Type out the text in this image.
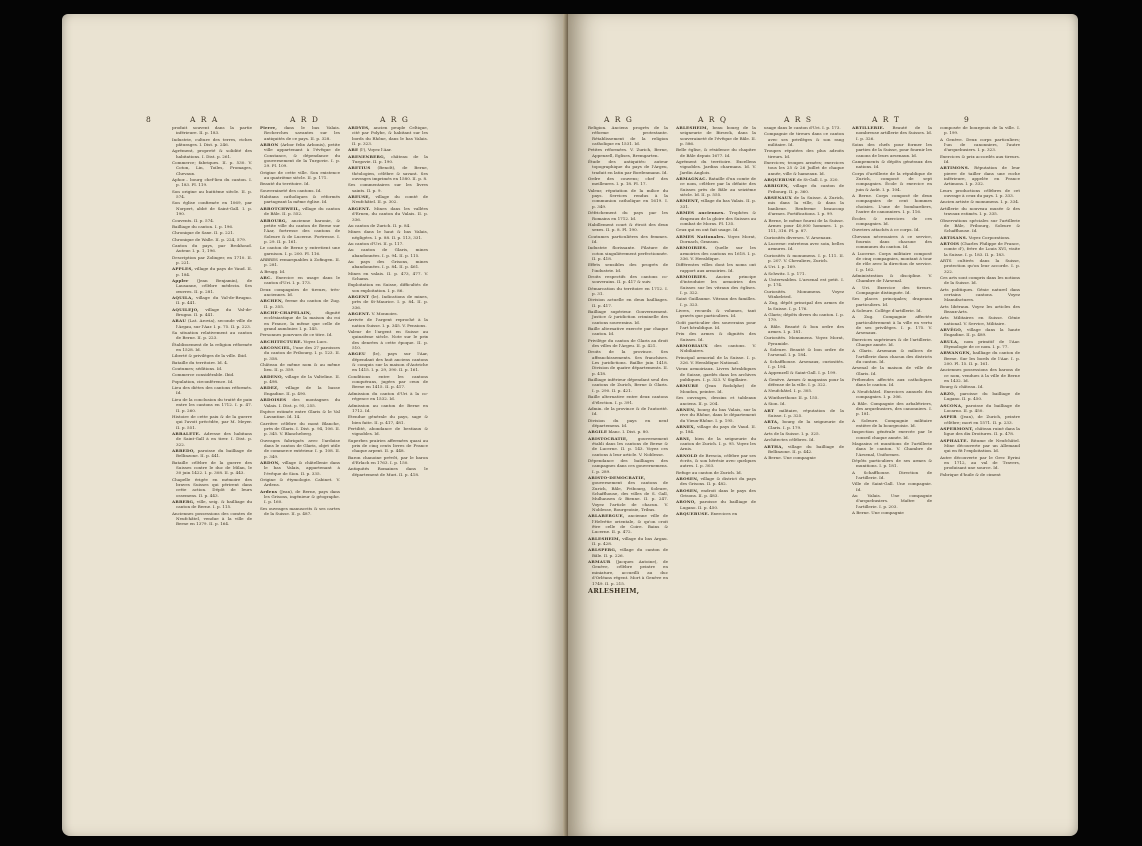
8	A R A	A R D	A R G
produit souvent dans la partie inférieure. II. p. 183.
Industrie, culture des terres, riches pâturages. I. Dist. p. 246.
Agrément, propreté & solidité des habitations. I. Dist. p. 261.
Commerce; fabriques. II. p. 530. V. Coton, Lin, Toiles, Fromages, Chevaux.
Aphor... bourg chef-lieu du canton. I. p. 183. Pl. 119.
Son origine au huitième siècle. II. p. 574.
Son église confirmée en 1069, par Norpert, abbé de Saint-Gall. I. p. 190.
Couvents. II. p. 574.
Bailliage du canton. I. p. 196.
Chronique de Saxe. II. p. 221.
Chronique de Walle. II. p. 224, 579.
Canton du pays, par Brokhoud. Auteur. I. p. 1, 196.
Description par Zolinger, en 1710. II. p. 221.
APPLES, village du pays de Vaud. II. p. 184.
Appler (Jean Benjamin), de Lausanne, célèbre médecin. Ses œuvres. II. p. 281.
AQUILA, village du Val-de-Brugno. II. p. 441.
AQUILEJO, village du Val-de-Brugno. II. p. 441.
ARAU (Lat. Arovia), seconde ville de l'Argau, sur l'Aar. I. p. 75. II. p. 223.
Sa situation relativement au canton de Berne. II. p. 223.
Établissement de la religion réformée en 1528. Id.
Liberté & privilèges de la ville. Ibid.
Bataille du territoire. Id. 4.
Coutumes; séditions. Id.
Commerce considérable. Ibid.
Population, circonférence. Id.
Lieu des diètes des cantons réformés. Id.
Lieu de la conclusion du traité de paix entre les cantons en 1712. I. p. 47. II. p. 260.
Histoire de cette paix & de la guerre qui l'avoit précédée, par M. Meyer. II. p. 551.
ARBALETE. Adresse des habitans de Saint-Gall à en tirer. I. Dist. p. 322.
ARBEDO, paroisse du bailliage de Bellinzone. II. p. 441.
Bataille célèbre de la guerre des Suisses contre le duc de Milan, le 30 juin 1422. I. p. 308. II. p. 443.
Chapelle érigée en mémoire des braves Suisses qui périrent dans cette action. Dépôt de leurs ossemens. II. p. 443.
ARBERG, ville, seig. & bailliage du canton de Berne. I. p. 115.
Anciennes possessions des comtes de Neufchâtel, vendue à la ville de Berne en 1379. II. p. 164.
Pierre, dans le bas Valais. Recherches savantes sur les antiquités de ce pays. II. p. 328.
ARBON (Arbor felix Arbonis), petite ville appartenant à l'évêque de Constance, & dépendance du gouvernement de la Turgovie. I. p. 29. Pl. 109.
Origine de cette ville. Son existence au quatrième siècle. II. p. 171.
Beauté du territoire. Id.
Souveraineté des cantons. Id.
Habitans catholiques & réformés partageant la même église. Id.
ARBOTCHWEIL, village du canton de Bâle. II. p. 552.
ARBOURG, ancienne baronie, & petite ville du canton de Berne sur l'Aar, fortresse des cantons de Soleure & de Lucerne. Fortresse. I. p. 29. II. p. 161.
Le canton de Berne y entretient une garnison. I. p. 200. Pl. 116.
ARBRES remarquables à Zofingen. II. p. 281.
A Brugg. Id.
ARC. Exercice en usage dans le canton d'Uri. I. p. 173.
Deux compagnies de tireurs, très-anciennes. Id.
ARCHEN, ferme du canton de Zug. II. p. 355.
ARCHE-CHAPELAIN, dignité ecclésiastique de la maison du roi en France, la même que celle de grand aumônier. I. p. 145.
Personnes pourvues de ce titre. Id.
ARCHITECTURE. Voyez Lucs.
ARCONCIEL, l'une des 27 paroisses du canton de Fribourg. I. p. 123. II. p. 358.
Château de même nom & au même lieu. II. p. 359.
ARDENO, village de la Valteline. II. p. 498.
ARDEZ, village de la basse Engadine. II. p. 490.
ARDOISES des montagnes du Valais. I. Dist. p. 95, 255.
Espèce estimée entre Glaris & le Val Lavantine. Id. 14.
Carrière célèbre du mont Blanche, près de Glaris. I. Dist. p. 94, 106. II. p. 345. V. Blancheberg.
Ouvrages fabriqués avec l'ardoise dans le canton de Glaris, objet utile de commerce extérieur. I. p. 108. II. p. 349.
ARDON, village & châtellenie dans le bas Valais, appartenant à l'évêque de Sion. II. p. 335.
Origine & étymologie. Cabinet. V. Ardens.
Ardens (Jean), de Berne, pays dans les Grisons, ingénieur & géographe. I. p. 160.
Ses ouvrages manuscrits & ses cartes de la Suisse. II. p. 487.
ARDYES, ancien peuple Celtique, cité par Polybe, & habitant sur les bords du Rhône, dans le bas Valais. II. p. 323.
ARE (l'), Voyez l'Aar.
ARENENBERG, château de la Turgovie. II. p. 190.
ARETIUS (Benoît), de Berne, théologien, célèbre & savant. Ses ouvrages imprimés en 1580. II. p. 8.
Ses commentaires sur les livres saints. II. p. 9.
AREUSE, village du comté de Neufchâtel. II. p. 302.
ARGENT. Mines dans les vallées d'Ernen, du canton du Valais. II. p. 336.
Au canton de Zurich. II. p. 84.
Mines dans le haut & bas Valais, négligées. I. p. 88. II. p. 113, 331.
Au canton d'Uri. II. p. 117.
Au canton de Glaris, mines abandonnées. I. p. 94. II. p. 115.
Au pays des Grisons, mines abandonnées. I. p. 84. II. p. 461.
Mines en valais. II. p. 473, 477. V. Schams.
Exploitation en Suisse, difficultés de son exploitation. I. p. 86.
ARGENT (le). Indications de mines, près de St-Maurice. I. p. 84. II. p. 336.
ARGENT. V. Monnoies.
Arrivée de l'argent reproché à la nation Suisse. I. p. 345. V. Pensions.
Valeur de l'argent en Suisse au quinzième siècle. Note sur le prix des denrées à cette époque. II. p. 510.
ARGEU (le), pays sur l'Aar, dépendant des huit anciens cantons & conquis sur la maison d'Autriche en 1415. I. p. 29, 390. II. p. 161.
Conditions entre les cantons conquérans, jugées par ceux de Berne en 1415. II. p. 417.
Admission du canton d'Uri à la co-régence en 1532. Id.
Admission au canton de Berne en 1712. Id.
Etendue générale du pays, sage & bien faite. II. p. 417, 481.
Fertilité, abondance de bestiaux & vignobles. Id.
Superbes prairies affermées quasi au prix de cinq cents livres de France chaque arpent. II. p. 448.
Baron chanoine prévôt, par le baron d'Erlach en 1763. I. p. 150.
Antiquités Romaines dans le département de Muri. II. p. 418.
A R G	A R Q	A R S	A R T	9
Religion. Anciens progrès de la réforme protestante. Rétablissement de la religion catholique en 1531. Id.
Petites réformées. V. Zurich, Berne, Appenzell, Eglises, Bremgarten.
Étude des antiquités: auteur topographique du pays de l'Argeu, traduit en latin par Bordenmann. Id.
Ordre des couvens; chef des meilleures. I. p. 18. Pl. 17.
Valeur, réputation de la milice du pays. Services rendus à la communion catholique en 1619. I. p. 349.
Défrichement du pays par les Romains en 1712. Id.
Habillement court & étroit des deux sexes. II. p. 8. Pl. 190.
Coutumes particulières des femmes. Id.
Industrie florissante. Filature de coton singulièrement perfectionnée. II. p. 418.
Effets sensibles des progrès de l'industrie. Id.
Droits respectifs des cantons co-souverains. II. p. 417 & suiv.
Démarcation du territoire en 1712. I. p. 31.
Division actuelle en deux bailliages. II. p. 417.
Bailliage supérieur. Gouvernement. Justice & juridiction criminelle des cantons souverains. Id.
Baille alternative exercée par chaque canton. Id.
Privilège du canton de Glaris au droit des villes de l'Argeu. II. p. 421.
Droits de la province. Ses affranchissements. Ses franchises. Les juridictions. Baillie juin 1418. Division de quatre départements. II. p. 418.
Bailliage inférieur dépendant seul des cantons de Zurich, Berne & Glaris. I. p. 290. II. p. 421.
Baille alternative entre deux cantons d'élection. I. p. 391.
Admin. de la province & de l'autorité. Id.
Division du pays en neuf départemens. Id.
ARGILE blanc. I. Dist. p. 80.
ARISTOCRATIE, gouvernement établi dans les cantons de Berne & de Lucerne. II. p. 143. Voyez ces cantons à leur article. V. Noblesse.
Dépendance des bailliages des campagnes dans ces gouvernemens. I. p. 289.
ARISTO-DEMOCRATIE, gouvernement des cantons de Zurich, Bâle, Fribourg, Soleure, Schaffhouse, des villes de S. Gall, Mulhausen & Bienne. II. p. 247. Voyez l'article de chacun. V. Noblesse, Bourgeoisie, Tribus.
ARLABERGUE, ancienne ville de l'Helvétie orientale, & qu'on croit être celle de Coire. Bains & Lucerne. II. p. 472.
ARLESHEIM, village du bas Argau. II. p. 428.
ARLSPERG, village du canton de Bâle. II. p. 226.
ARMAUR (Jacques Antoine), de Genève, célèbre peintre en miniature, accueilli au duc d'Orléans régent. Mort à Genève en 1749. II. p. 215.
ARLESHEIM,
ARLESHEIM, beau bourg de la seigneurie de Birseck, dans la souveraineté de l'évêque de Bâle. II. p. 586.
Belle église, & résidence du chapitre de Bâle depuis 1677. Id.
Agrément du territoire. Excellens vignobles. Jardins charmans. Id. V. Jardin Anglois.
ARMAGNAC. Bataille d'un comte de ce nom, célèbre par la défaite des Suisses près de Bâle au seizième siècle. Id. II. p. 555.
ARMENT, village du bas Valais. II. p. 331.
ARMES anciennes. Trophées & drapeaux de la gloire des Suisses au combat de Moras. Pl. 135.
Ceux qui en ont fait usage. Id.
ARMES Nationales. Voyez Morat, Dornach, Granson.
ARMOIRIES. Quelle sur les armoiries des cantons en 1618. I. p. 336. V. Heraldique.
Différentes villes dont les noms ont rapport aux armoiries. Id.
ARMOIRIES. Ancien principe d'introduire les armoiries des Suisses sur les vitraux des églises. I. p. 322.
Saint Guillaume. Vitraux des familles. I. p. 323.
Livres, recueils & volumes, tant gravés que particuliers. Id.
Goût particulier des souverains pour l'art héraldique. Id.
Prix des armes & dignités des Suisses. Id.
ARMORIAUX des cantons. V. Nobiliaires.
Principal armorial de la Suisse. I. p. 326. V. Heraldique National.
Vieux armoiriaux. Livres héraldiques de Suisse, gardés dans les archives publiques. I. p. 323. V. Sigillaire.
ARMURE (Jean Rodolphe) de Moudon, peintre. Id.
Ses ouvrages, dessins et tableaux anciens. II. p. 204.
ARNEN, bourg du bas Valais, sur la rive du Rhône, dans le département du Vieux-Rhône. I. p. 195.
ARNEX, village du pays de Vaud. II. p. 184.
ARNI, bien de la seigneurie du canton de Zurich. I. p. 95. Voyez les Arnis.
ARNOLD de Brescia, célèbre par ses écrits, & son hérésie avec quelques autres. I. p. 303.
Refuge au canton de Zurich. Id.
AROSEN, village & district du pays des Grisons. II. p. 482.
AROSEN, endroit dans le pays des Grisons. II. p. 483.
ARONO, paroisse du bailliage de Lugano. II. p. 450.
ARQUEBUSE. Exercices en
usage dans le canton d'Uri. I. p. 173.
Compagnie de tireurs dans ce canton avec ses privilèges & son rang militaire. Id.
Troupes réputées des plus adroits tireurs. Id.
Exercices; troupes armées; exercices tous les 25 & 26 Juillet de chaque année, ville & hameaux. Id.
ARQUEBUSE de St-Gall. I. p. 320.
ARRIGEN, village du canton de Fribourg. II. p. 360.
ARSENAUX de la Suisse. A Zurich, mis dans la ville, & dans la banlieue. Renferme beaucoup d'armes. Fortifications. I. p. 99.
A Berne, le même fourni de la Suisse. Armes pour 40,000 hommes. I. p. 111, 316. Pl. p. 87.
Curiosités diverses. V. Arsenaux.
A Lucerne: entretenu avec soin, belles armures. Id.
Curiosités & monumens. I. p. 111. II. p. 207. V. Chevaliers, Zurich.
A Uri. I. p. 169.
A Schwitz. I. p. 171.
A Unterwalden. L'arsenal est petit. I. p. 174.
Curiosités. Monumens. Voyez Winkelried.
A Zug, dépôt principal des armes de la Suisse. I. p. 176.
A Glaris; dépôts divers du canton. I. p. 179.
A Bâle. Beauté & bon ordre des armes. I. p. 181.
Curiosités. Monumens. Voyez Morat, Pyramide.
A Soleure. Beauté & bon ordre de l'arsenal. I. p. 184.
A Schaffhouse. Arsenaux, curiosités. I. p. 194.
A Appenzell & Saint-Gall. I. p. 199.
A Genève. Armes & magasins pour la défense de la ville. I. p. 322.
A Neufchâtel. I. p. 305.
A Wintherthour. II. p. 155.
A Sion. Id.
ART militaire, réputation de la Suisse. I. p. 325.
ARTA, bourg de la seigneurie de Claris. I. p. 179.
Arts de la Suisse. I. p. 325.
Architectes célèbres. Id.
ARTHA, village du bailliage de Bellinzone. II. p. 442.
A Berne. Une compagnie
ARTILLERIE. Beauté de la nombreuse artillerie des Suisses. Id. I. p. 326.
Soins des chefs pour former les parties de la Suisse, pour fournir les canons de leurs arsenaux. Id.
Campements & dépôts généraux des nations. Id.
Corps d'artillerie de la république de Zurich, composé de sept compagnies. École & exercice en juin & Août. I. p. 104.
A Berne. Corps composé de deux compagnies de cent hommes choisies. L'une de bombardiers, l'autre de canonniers. I. p. 116.
Écoles & exercices de ces compagnies. Id.
Ouvriers attachés à ce corps. Id.
Chevaux nécessaires à ce service, fournis dans chacune des communes du canton. Id.
A Lucerne. Corps militaire composé de cinq compagnies, montant à tour de rôle avec la direction de service. I. p. 162.
Administration & discipline. V. Chambre de l'Arsenal.
A Uri. Exercice des tireurs. Compagnie distinguée. Id.
Ses places principales; drapeaux particuliers. Id.
A Soleure. Collège d'artillerie. Id.
A Zug. Compagnie affectée particulièrement à la ville en vertu de ses privilèges. I. p. 175. V. Arsenaux.
Exercices supérieurs & de l'artillerie. Chaque année. Id.
A Glaris. Arsenaux & milices de l'artillerie dans chacun des districts du canton. Id.
Arsenal de la maison de ville de Glaris. Id.
Prébendes affectés aux catholiques dans le canton. Id.
A Neufchâtel. Exercices annuels des compagnies. I. p. 306.
A Bâle. Compagnie des arbalétriers, des arquebusiers, des canonniers. I. p. 181.
A Soleure. Compagnie militaire entière de la bourgeoisie. Id.
Inspection générale exercée par le conseil chaque année. Id.
Magasins et munitions de l'artillerie dans le canton. V. Chambre de l'Arsenal, Uniformes.
Dépôts particuliers de ses armes & munitions. I. p. 181.
A Schaffhouse. Direction de l'artillerie. Id.
Ville de Saint-Gall. Une compagnie. Id.
Au Valais. Une compagnie d'arquebusiers. Maître de l'artillerie. I. p. 203.
A Berne. Une compagnie
composée de bourgeois de la ville. I. p. 199.
A Genève. Deux corps particuliers; l'un de canonniers, l'autre d'arquebusiers. I. p. 323.
Exercices & prix accordés aux tireurs. Id.
ARTIMONS. Réputation de leur pierre de tailler dans une roche inférieure, appelée en France Artimons. I. p. 332.
Leurs productions célèbres de cet ouvrage à ceux du pays. I. p. 333.
Ancien artiste & monumens. I. p. 334.
Artillerie du nouveau musée & des travaux estimés. I. p. 335.
Observations spéciales sur l'artillerie de Bâle, Fribourg, Soleure & Schaffhouse. Id.
ARTISANS. Voyez Corporations.
ARTOIS (Charles Philippe de France, comte d'), frère de Louis XVI, visite la Suisse. I. p. 183. II. p. 183.
ARTS cultivés dans la Suisse, protection qu'on leur accorde. I. p. 322.
Ces arts sont compris dans les notions de la Suisse. Id.
Arts politiques. Génie naturel dans certains cantons. Voyez Manufactures.
Arts libéraux. Voyez les articles des Beaux-Arts.
Arts Militaires en Suisse. Génie national. V. Service, Militaire.
ARVÉGO, village dans la haute Engadine. II. p. 489.
ARULA, nom primitif de l'Aar. Etymologie de ce nom. I. p. 77.
ARWANGEN, bailliage du canton de Berne. Sur les bords de l'Aar. I. p. 200. Pl. 15. II. p. 161.
Anciennes possessions des barons de ce nom, vendues à la ville de Berne en 1432. Id.
Bourg & château. Id.
ARZO, paroisse du bailliage de Lugano. II. p. 450.
ASCONA, paroisse du bailliage de Locarno. II. p. 450.
ASPER (Jean), de Zurich, peintre célèbre; mort en 1571. II. p. 233.
ASPERMONT, château ruiné dans la ligue des dix Droitures. II. p. 478.
ASPHALTE. Bitume de Neufchâtel. Mine découverte par un Allemand qui en fit l'exploitation. Id.
Autre découverte par le Grec Eyrini en 1712, au val de Travers, produisant une source. Id.
Fabrique d'huile & de ciment
